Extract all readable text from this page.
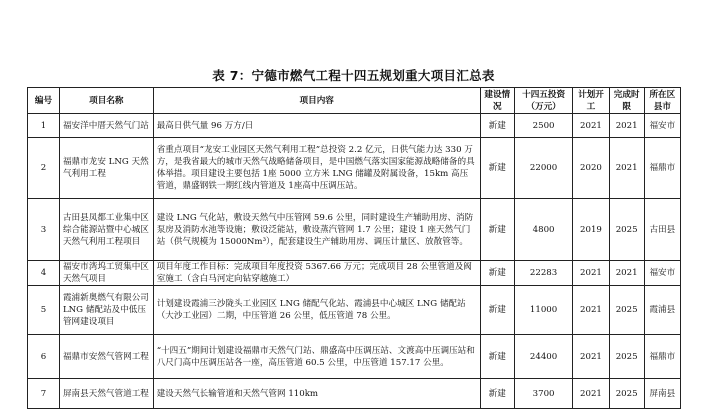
表 7：宁德市燃气工程十四五规划重大项目汇总表
编号	项目名称	项目内容	建设情况	十四五投资（万元）	计划开工	完成时限	所在区县市
1	福安洋中厝天然气门站	最高日供气量 96 万方/日	新建	2500	2021	2021	福安市
2	福鼎市龙安 LNG 天然气利用工程	省重点项目“龙安工业园区天然气利用工程”总投资 2.2 亿元，日供气能力达 330 万方，是我省最大的城市天然气战略储备项目，是中国燃气落实国家能源战略储备的具体举措。项目建设主要包括 1座 5000 立方米 LNG 储罐及附属设备，15km 高压管道，鼎盛钢铁一期红线内管道及 1座高中压调压站。	新建	22000	2020	2021	福鼎市
3	古田县凤都工业集中区综合能源站暨中心城区天然气利用工程项目	建设 LNG 气化站，敷设天然气中压管网 59.6 公里，同时建设生产辅助用房、消防泵房及消防水池等设施；敷设泛能站，敷设蒸汽管网 1.7 公里；建设 1 座天然气门站（供气规模为 15000Nm³），配套建设生产辅助用房、调压计量区、放散管等。	新建	4800	2019	2025	古田县
4	福安市湾坞工贸集中区天然气项目	项目年度工作目标：完成项目年度投资 5367.66 万元；完成项目 28 公里管道及阀室施工（含白马河定向钻穿越施工）	新建	22283	2021	2021	福安市
5	霞浦新奥燃气有限公司 LNG 储配站及中低压管网建设项目	计划建设霞浦三沙陇头工业园区 LNG 储配气化站、霞浦县中心城区 LNG 储配站（大沙工业园）二期，中压管道 26 公里，低压管道 78 公里。	新建	11000	2021	2025	霞浦县
6	福鼎市安然气管网工程	“十四五”期间计划建设福鼎市天然气门站、鼎盛高中压调压站、文渡高中压调压站和八尺门高中压调压站各一座，高压管道 60.5 公里，中压管道 157.17 公里。	新建	24400	2021	2025	福鼎市
7	屏南县天然气管道工程	建设天然气长输管道和天然气管网 110km	新建	3700	2021	2025	屏南县
